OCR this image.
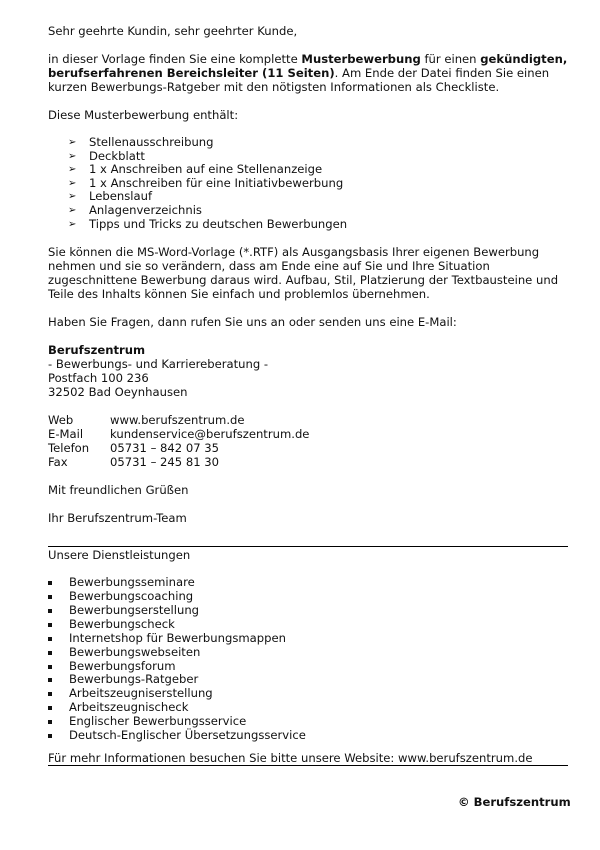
Sehr geehrte Kundin, sehr geehrter Kunde,

in dieser Vorlage finden Sie eine komplette Musterbewerbung für einen gekündigten, berufserfahrenen Bereichsleiter (11 Seiten). Am Ende der Datei finden Sie einen kurzen Bewerbungs-Ratgeber mit den nötigsten Informationen als Checkliste.

Diese Musterbewerbung enthält:

➢ Stellenausschreibung
➢ Deckblatt
➢ 1 x Anschreiben auf eine Stellenanzeige
➢ 1 x Anschreiben für eine Initiativbewerbung
➢ Lebenslauf
➢ Anlagenverzeichnis
➢ Tipps und Tricks zu deutschen Bewerbungen

Sie können die MS-Word-Vorlage (*.RTF) als Ausgangsbasis Ihrer eigenen Bewerbung nehmen und sie so verändern, dass am Ende eine auf Sie und Ihre Situation zugeschnittene Bewerbung daraus wird. Aufbau, Stil, Platzierung der Textbausteine und Teile des Inhalts können Sie einfach und problemlos übernehmen.

Haben Sie Fragen, dann rufen Sie uns an oder senden uns eine E-Mail:

Berufszentrum

- Bewerbungs- und Karriereberatung -

Postfach 100 236

32502 Bad Oeynhausen

Web	www.berufszentrum.de
E-Mail	kundenservice@berufszentrum.de
Telefon	05731 – 842 07 35
Fax	05731 – 245 81 30

Mit freundlichen Grüßen

Ihr Berufszentrum-Team

Unsere Dienstleistungen

Bewerbungsseminare
Bewerbungscoaching
Bewerbungserstellung
Bewerbungscheck
Internetshop für Bewerbungsmappen
Bewerbungswebseiten
Bewerbungsforum
Bewerbungs-Ratgeber
Arbeitszeugniserstellung
Arbeitszeugnischeck
Englischer Bewerbungsservice
Deutsch-Englischer Übersetzungsservice

Für mehr Informationen besuchen Sie bitte unsere Website: www.berufszentrum.de

© Berufszentrum
